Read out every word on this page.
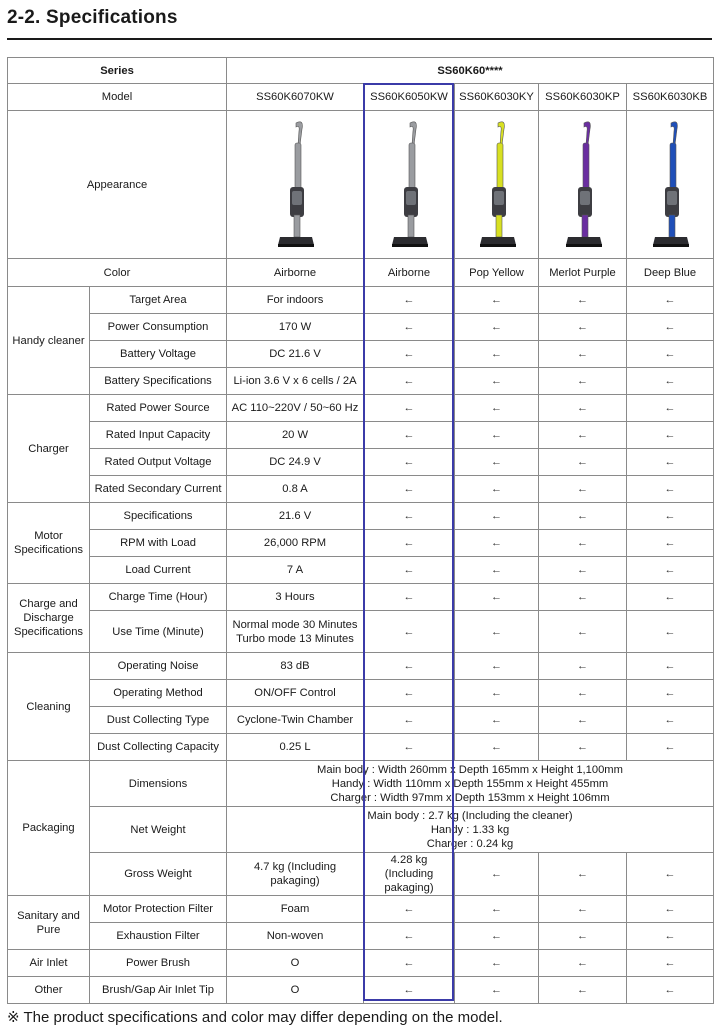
2-2. Specifications
Series		SS60K60****				
Model		SS60K6070KW	SS60K6050KW	SS60K6030KY	SS60K6030KP	SS60K6030KB
Appearance	

Color		Airborne	Airborne	Pop Yellow	Merlot Purple	Deep Blue
Handy cleaner	Target Area	For indoors	←	←	←	←
	Power Consumption	170 W	←	←	←	←
	Battery Voltage	DC 21.6 V	←	←	←	←
	Battery Specifications	Li-ion 3.6 V x 6 cells / 2A	←	←	←	←
Charger	Rated Power Source	AC 110~220V / 50~60 Hz	←	←	←	←
	Rated Input Capacity	20 W	←	←	←	←
	Rated Output Voltage	DC 24.9 V	←	←	←	←
	Rated Secondary Current	0.8 A	←	←	←	←
Motor Specifications	Specifications	21.6 V	←	←	←	←
	RPM with Load	26,000 RPM	←	←	←	←
	Load Current	7 A	←	←	←	←
Charge and Discharge Specifications	Charge Time (Hour)	3 Hours	←	←	←	←
	Use Time (Minute)	Normal mode 30 Minutes
Turbo mode 13 Minutes	←	←	←	←
Cleaning	Operating Noise	83 dB	←	←	←	←
	Operating Method	ON/OFF Control	←	←	←	←
	Dust Collecting Type	Cyclone-Twin Chamber	←	←	←	←
	Dust Collecting Capacity	0.25 L	←	←	←	←
Packaging	Dimensions	Main body : Width 260mm x Depth 165mm x Height 1,100mm
Handy : Width 110mm x Depth 155mm x Height 455mm
Charger : Width 97mm x Depth 153mm x Height 106mm				

	Net Weight	Main body : 2.7 kg (Including the cleaner)
Handy : 1.33 kg
Charger : 0.24 kg				

	Gross Weight	4.7 kg (Including pakaging)	4.28 kg (Including pakaging)	←	←	←
Sanitary and Pure	Motor Protection Filter	Foam	←	←	←	←
	Exhaustion Filter	Non-woven	←	←	←	←
Air Inlet	Power Brush	O	←	←	←	←
Other	Brush/Gap Air Inlet Tip	O	←	←	←	←
※ The product specifications and color may differ depending on the model.
